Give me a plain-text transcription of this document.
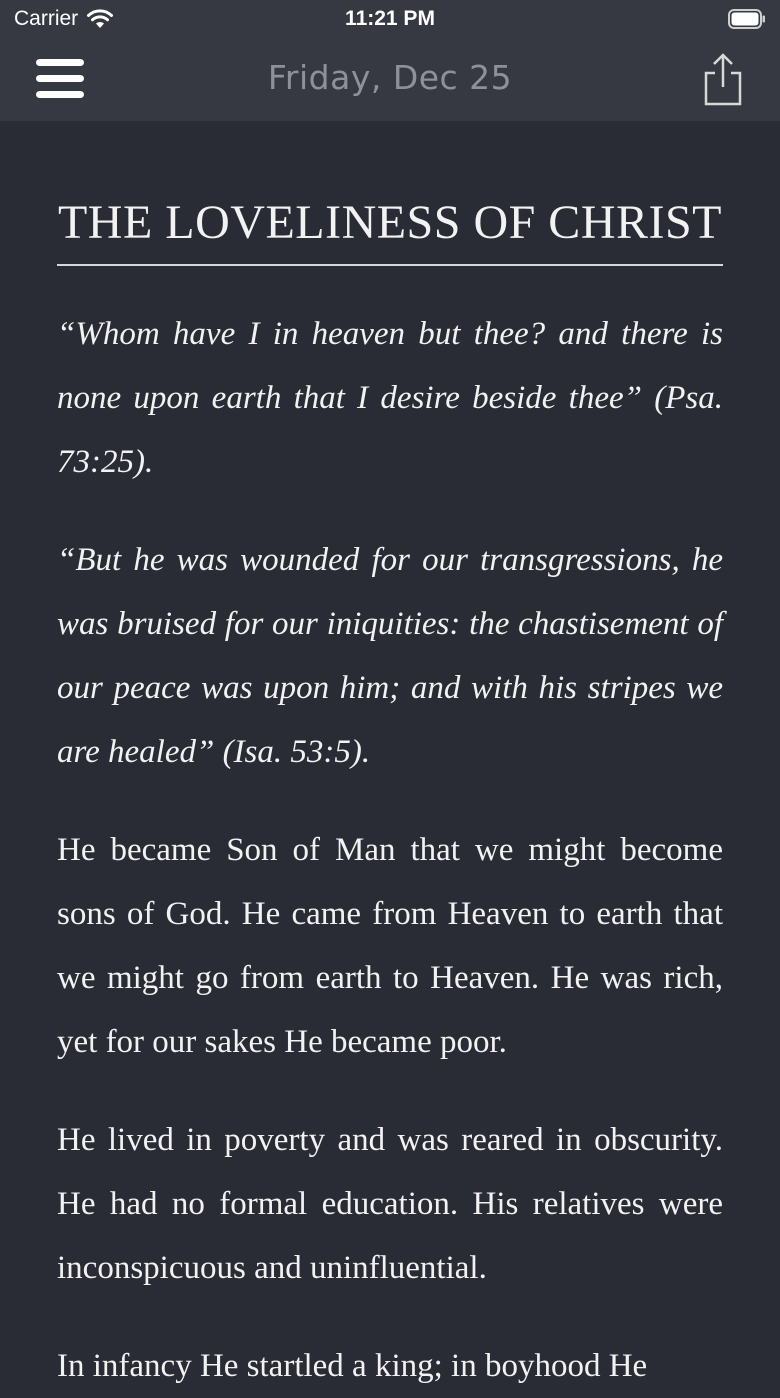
Carrier	11:21 PM
Friday, Dec 25
THE LOVELINESS OF CHRIST

“Whom have I in heaven but thee? and there is none upon earth that I desire beside thee” (Psa. 73:25).

“But he was wounded for our transgressions, he was bruised for our iniquities: the chastisement of our peace was upon him; and with his stripes we are healed” (Isa. 53:5).

He became Son of Man that we might become sons of God. He came from Heaven to earth that we might go from earth to Heaven. He was rich, yet for our sakes He became poor.

He lived in poverty and was reared in obscurity. He had no formal education. His relatives were inconspicuous and uninfluential.

In infancy He startled a king; in boyhood He
